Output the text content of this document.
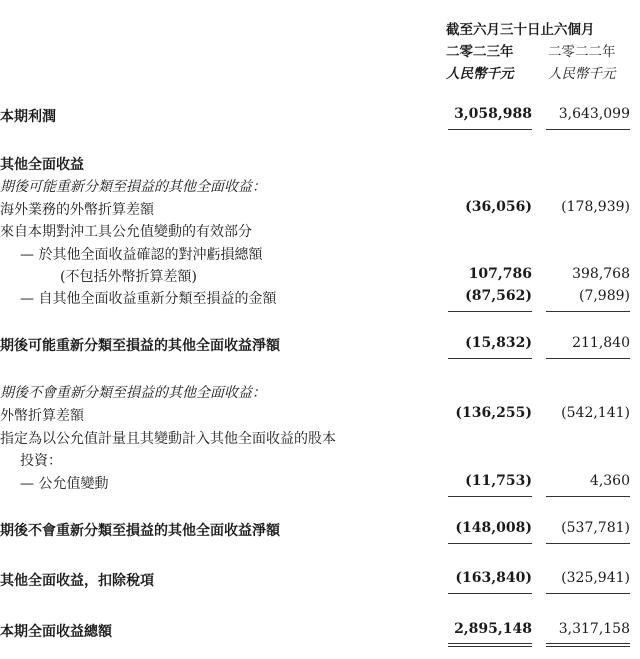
截至六月三十日止六個月
二零二三年	二零二二年
人民幣千元	人民幣千元
本期利潤	3,058,988 3,643,099
其他全面收益
期後可能重新分類至損益的其他全面收益：
海外業務的外幣折算差額	(36,056) (178,939)
來自本期對沖工具公允值變動的有效部分
— 於其他全面收益確認的對沖虧損總額
(不包括外幣折算差額)	107,786	398,768
— 自其他全面收益重新分類至損益的金額	(87,562)	(7,989)
期後可能重新分類至損益的其他全面收益淨額	(15,832)	211,840
期後不會重新分類至損益的其他全面收益：
外幣折算差額	(136,255) (542,141)
指定為以公允值計量且其變動計入其他全面收益的股本
投資：
— 公允值變動	(11,753)	4,360
期後不會重新分類至損益的其他全面收益淨額	(148,008) (537,781)
其他全面收益，扣除稅項	(163,840) (325,941)
本期全面收益總額	2,895,148 3,317,158
